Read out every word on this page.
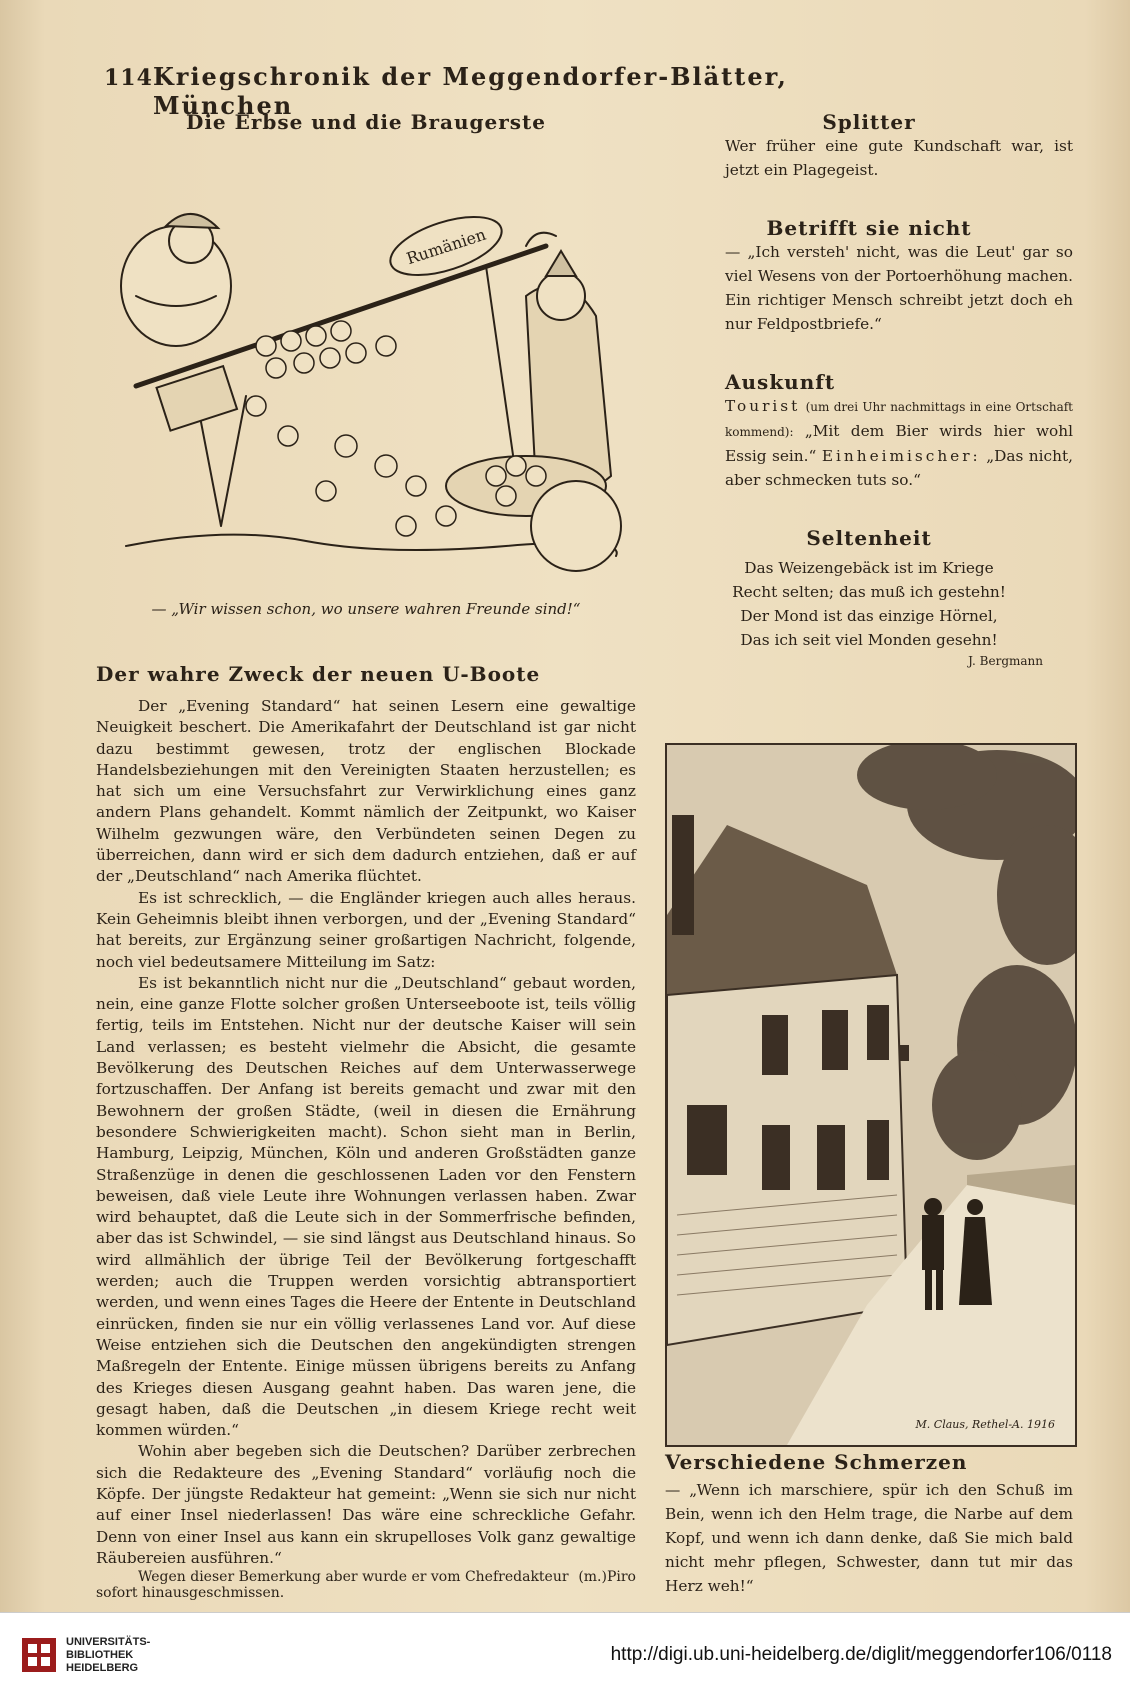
114 Kriegschronik der Meggendorfer-Blätter, München
Die Erbse und die Braugerste
Rumänien
— „Wir wissen schon, wo unsere wahren Freunde sind!“
Der wahre Zweck der neuen U-Boote

Der „Evening Standard“ hat seinen Lesern eine gewaltige Neuigkeit beschert. Die Amerikafahrt der Deutschland ist gar nicht dazu bestimmt gewesen, trotz der englischen Blockade Handelsbeziehungen mit den Vereinigten Staaten herzustellen; es hat sich um eine Versuchsfahrt zur Verwirklichung eines ganz andern Plans gehandelt. Kommt nämlich der Zeitpunkt, wo Kaiser Wilhelm gezwungen wäre, den Verbündeten seinen Degen zu überreichen, dann wird er sich dem dadurch entziehen, daß er auf der „Deutschland“ nach Amerika flüchtet.

Es ist schrecklich, — die Engländer kriegen auch alles heraus. Kein Geheimnis bleibt ihnen verborgen, und der „Evening Standard“ hat bereits, zur Ergänzung seiner großartigen Nachricht, folgende, noch viel bedeutsamere Mitteilung im Satz:

Es ist bekanntlich nicht nur die „Deutschland“ gebaut worden, nein, eine ganze Flotte solcher großen Unterseeboote ist, teils völlig fertig, teils im Entstehen. Nicht nur der deutsche Kaiser will sein Land verlassen; es besteht vielmehr die Absicht, die gesamte Bevölkerung des Deutschen Reiches auf dem Unterwasserwege fortzuschaffen. Der Anfang ist bereits gemacht und zwar mit den Bewohnern der großen Städte, (weil in diesen die Ernährung besondere Schwierigkeiten macht). Schon sieht man in Berlin, Hamburg, Leipzig, München, Köln und anderen Großstädten ganze Straßenzüge in denen die geschlossenen Laden vor den Fenstern beweisen, daß viele Leute ihre Wohnungen verlassen haben. Zwar wird behauptet, daß die Leute sich in der Sommerfrische befinden, aber das ist Schwindel, — sie sind längst aus Deutschland hinaus. So wird allmählich der übrige Teil der Bevölkerung fortgeschafft werden; auch die Truppen werden vorsichtig abtransportiert werden, und wenn eines Tages die Heere der Entente in Deutschland einrücken, finden sie nur ein völlig verlassenes Land vor. Auf diese Weise entziehen sich die Deutschen den angekündigten strengen Maßregeln der Entente. Einige müssen übrigens bereits zu Anfang des Krieges diesen Ausgang geahnt haben. Das waren jene, die gesagt haben, daß die Deutschen „in diesem Kriege recht weit kommen würden.“

Wohin aber begeben sich die Deutschen? Darüber zerbrechen sich die Redakteure des „Evening Standard“ vorläufig noch die Köpfe. Der jüngste Redakteur hat gemeint: „Wenn sie sich nur nicht auf einer Insel niederlassen! Das wäre eine schreckliche Gefahr. Denn von einer Insel aus kann ein skrupelloses Volk ganz gewaltige Räubereien ausführen.“

Wegen dieser Bemerkung aber wurde er vom Chefredakteur sofort hinausgeschmissen.
(m.) Piro
Splitter

Wer früher eine gute Kundschaft war, ist jetzt ein Plagegeist.

Betrifft sie nicht

— „Ich versteh' nicht, was die Leut' gar so viel Wesens von der Portoerhöhung machen. Ein richtiger Mensch schreibt jetzt doch eh nur Feldpostbriefe.“

Auskunft

Tourist (um drei Uhr nachmittags in eine Ortschaft kommend): „Mit dem Bier wirds hier wohl Essig sein.“ Einheimischer: „Das nicht, aber schmecken tuts so.“

Seltenheit
Das Weizengebäck ist im Kriege
Recht selten; das muß ich gestehn!
Der Mond ist das einzige Hörnel,
Das ich seit viel Monden gesehn!
J. Bergmann
M. Claus, Rethel-A. 1916
Verschiedene Schmerzen

— „Wenn ich marschiere, spür ich den Schuß im Bein, wenn ich den Helm trage, die Narbe auf dem Kopf, und wenn ich dann denke, daß Sie mich bald nicht mehr pflegen, Schwester, dann tut mir das Herz weh!“

UNIVERSITÄTS-
BIBLIOTHEK
HEIDELBERG
http://digi.ub.uni-heidelberg.de/diglit/meggendorfer106/0118
